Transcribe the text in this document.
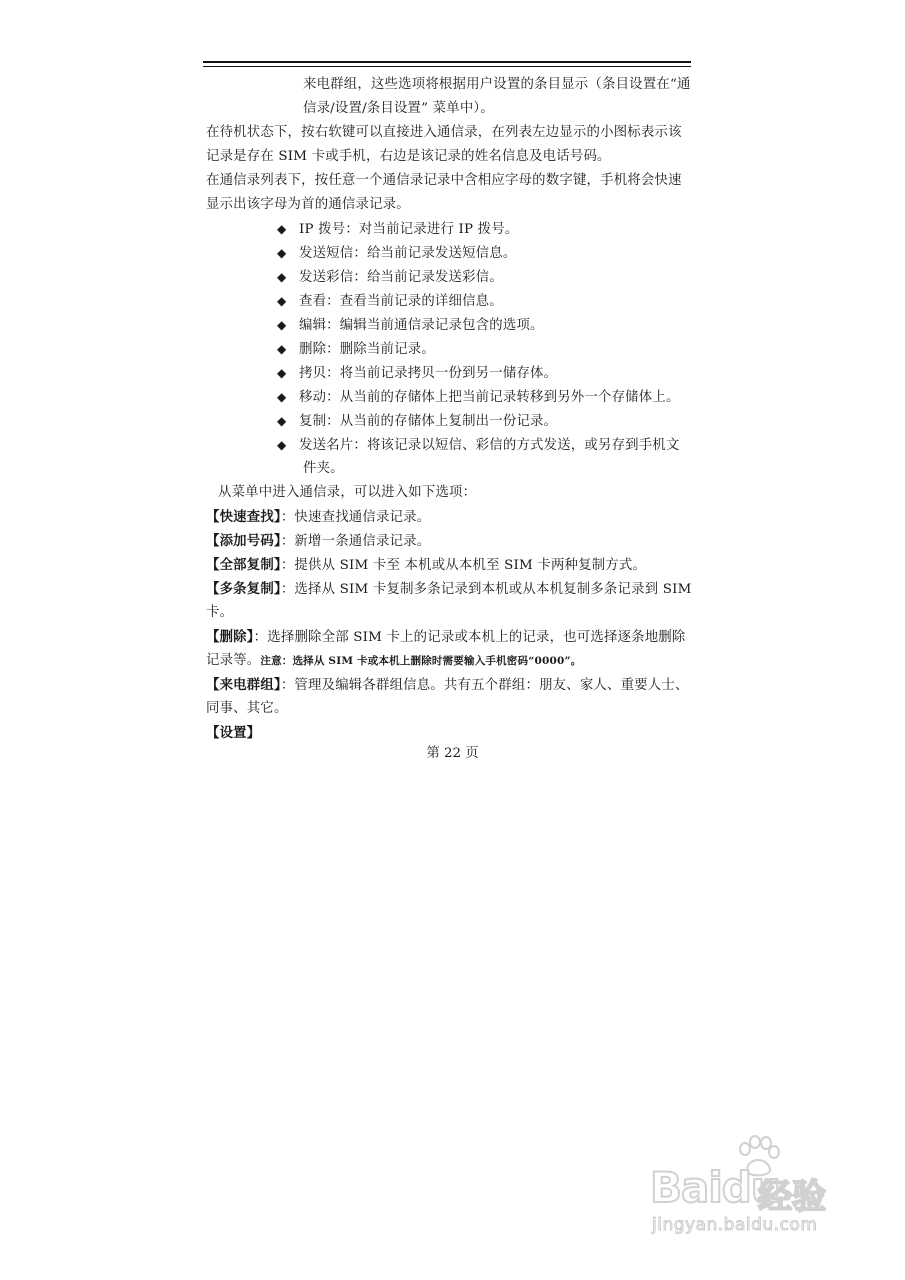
来电群组，这些选项将根据用户设置的条目显示（条目设置在“通
信录/设置/条目设置” 菜单中）。
在待机状态下，按右软键可以直接进入通信录，在列表左边显示的小图标表示该
记录是存在 SIM 卡或手机，右边是该记录的姓名信息及电话号码。
在通信录列表下，按任意一个通信录记录中含相应字母的数字键，手机将会快速
显示出该字母为首的通信录记录。
◆ IP 拨号：对当前记录进行 IP 拨号。
◆ 发送短信：给当前记录发送短信息。
◆ 发送彩信：给当前记录发送彩信。
◆ 查看：查看当前记录的详细信息。
◆ 编辑：编辑当前通信录记录包含的选项。
◆ 删除：删除当前记录。
◆ 拷贝：将当前记录拷贝一份到另一储存体。
◆ 移动：从当前的存储体上把当前记录转移到另外一个存储体上。
◆ 复制：从当前的存储体上复制出一份记录。
◆ 发送名片：将该记录以短信、彩信的方式发送，或另存到手机文
件夹。
从菜单中进入通信录，可以进入如下选项：
【快速查找】：快速查找通信录记录。
【添加号码】：新增一条通信录记录。
【全部复制】：提供从 SIM 卡至 本机或从本机至 SIM 卡两种复制方式。
【多条复制】：选择从 SIM 卡复制多条记录到本机或从本机复制多条记录到 SIM
卡。
【删除】：选择删除全部 SIM 卡上的记录或本机上的记录，也可选择逐条地删除
记录等。注意：选择从 SIM 卡或本机上删除时需要输入手机密码“0000”。
【来电群组】：管理及编辑各群组信息。共有五个群组：朋友、家人、重要人士、
同事、其它。
【设置】
第 22 页
Baidu
经验
jingyan.baidu.com
